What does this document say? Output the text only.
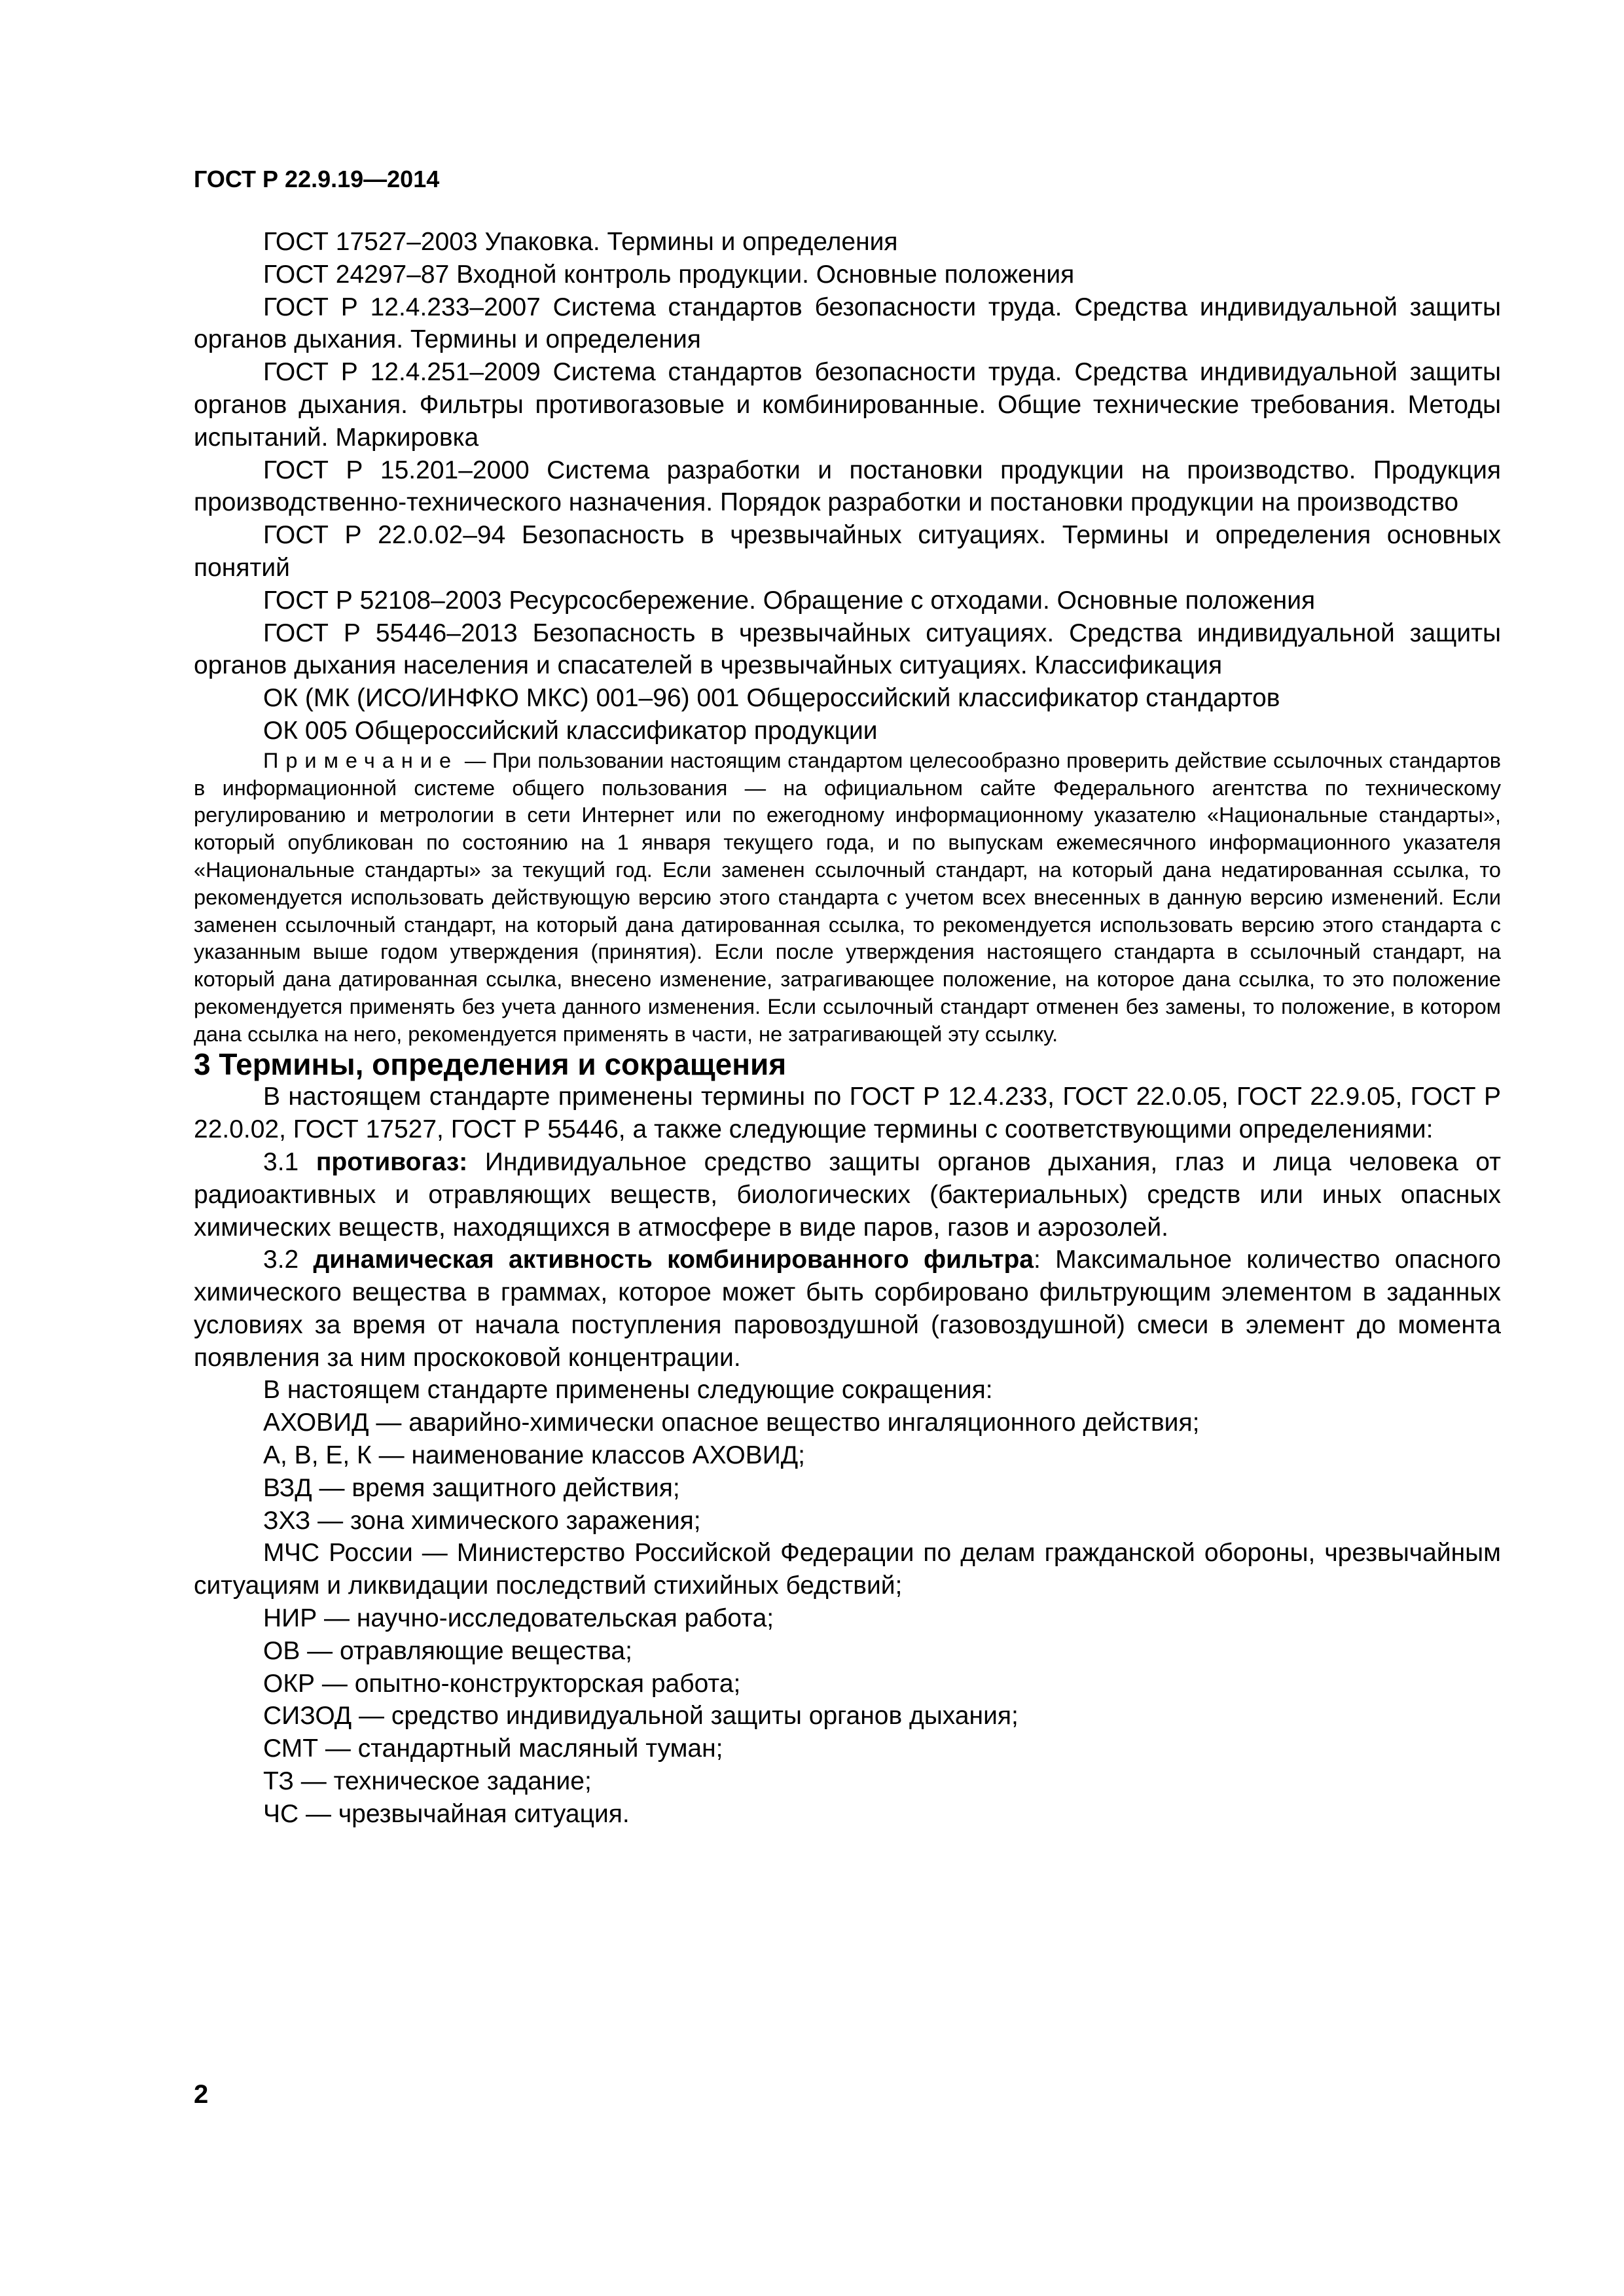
ГОСТ Р 22.9.19—2014

ГОСТ 17527–2003 Упаковка. Термины и определения

ГОСТ 24297–87 Входной контроль продукции. Основные положения

ГОСТ Р 12.4.233–2007 Система стандартов безопасности труда. Средства индивидуальной защиты органов дыхания. Термины и определения

ГОСТ Р 12.4.251–2009 Система стандартов безопасности труда. Средства индивидуальной защиты органов дыхания. Фильтры противогазовые и комбинированные. Общие технические требования. Методы испытаний. Маркировка

ГОСТ Р 15.201–2000 Система разработки и постановки продукции на производство. Продукция производственно-технического назначения. Порядок разработки и постановки продукции на производство

ГОСТ Р 22.0.02–94 Безопасность в чрезвычайных ситуациях. Термины и определения основных понятий

ГОСТ Р 52108–2003 Ресурсосбережение. Обращение с отходами. Основные положения

ГОСТ Р 55446–2013 Безопасность в чрезвычайных ситуациях. Средства индивидуальной защиты органов дыхания населения и спасателей в чрезвычайных ситуациях. Классификация

ОК (МК (ИСО/ИНФКО МКС) 001–96) 001 Общероссийский классификатор стандартов

ОК 005 Общероссийский классификатор продукции

Примечание — При пользовании настоящим стандартом целесообразно проверить действие ссылочных стандартов в информационной системе общего пользования — на официальном сайте Федерального агентства по техническому регулированию и метрологии в сети Интернет или по ежегодному информационному указателю «Национальные стандарты», который опубликован по состоянию на 1 января текущего года, и по выпускам ежемесячного информационного указателя «Национальные стандарты» за текущий год. Если заменен ссылочный стандарт, на который дана недатированная ссылка, то рекомендуется использовать действующую версию этого стандарта с учетом всех внесенных в данную версию изменений. Если заменен ссылочный стандарт, на который дана датированная ссылка, то рекомендуется использовать версию этого стандарта с указанным выше годом утверждения (принятия). Если после утверждения настоящего стандарта в ссылочный стандарт, на который дана датированная ссылка, внесено изменение, затрагивающее положение, на которое дана ссылка, то это положение рекомендуется применять без учета данного изменения. Если ссылочный стандарт отменен без замены, то положение, в котором дана ссылка на него, рекомендуется применять в части, не затрагивающей эту ссылку.

3 Термины, определения и сокращения

В настоящем стандарте применены термины по ГОСТ Р 12.4.233, ГОСТ 22.0.05, ГОСТ 22.9.05, ГОСТ Р 22.0.02, ГОСТ 17527, ГОСТ Р 55446, а также следующие термины с соответствующими определениями:

3.1 противогаз: Индивидуальное средство защиты органов дыхания, глаз и лица человека от радиоактивных и отравляющих веществ, биологических (бактериальных) средств или иных опасных химических веществ, находящихся в атмосфере в виде паров, газов и аэрозолей.

3.2 динамическая активность комбинированного фильтра: Максимальное количество опасного химического вещества в граммах, которое может быть сорбировано фильтрующим элементом в заданных условиях за время от начала поступления паровоздушной (газовоздушной) смеси в элемент до момента появления за ним проскоковой концентрации.

В настоящем стандарте применены следующие сокращения:

АХОВИД — аварийно-химически опасное вещество ингаляционного действия;

А, В, Е, К — наименование классов АХОВИД;

ВЗД — время защитного действия;

ЗХЗ — зона химического заражения;

МЧС России — Министерство Российской Федерации по делам гражданской обороны, чрезвычайным ситуациям и ликвидации последствий стихийных бедствий;

НИР — научно-исследовательская работа;

ОВ — отравляющие вещества;

ОКР — опытно-конструкторская работа;

СИЗОД — средство индивидуальной защиты органов дыхания;

СМТ — стандартный масляный туман;

ТЗ — техническое задание;

ЧС — чрезвычайная ситуация.

2
